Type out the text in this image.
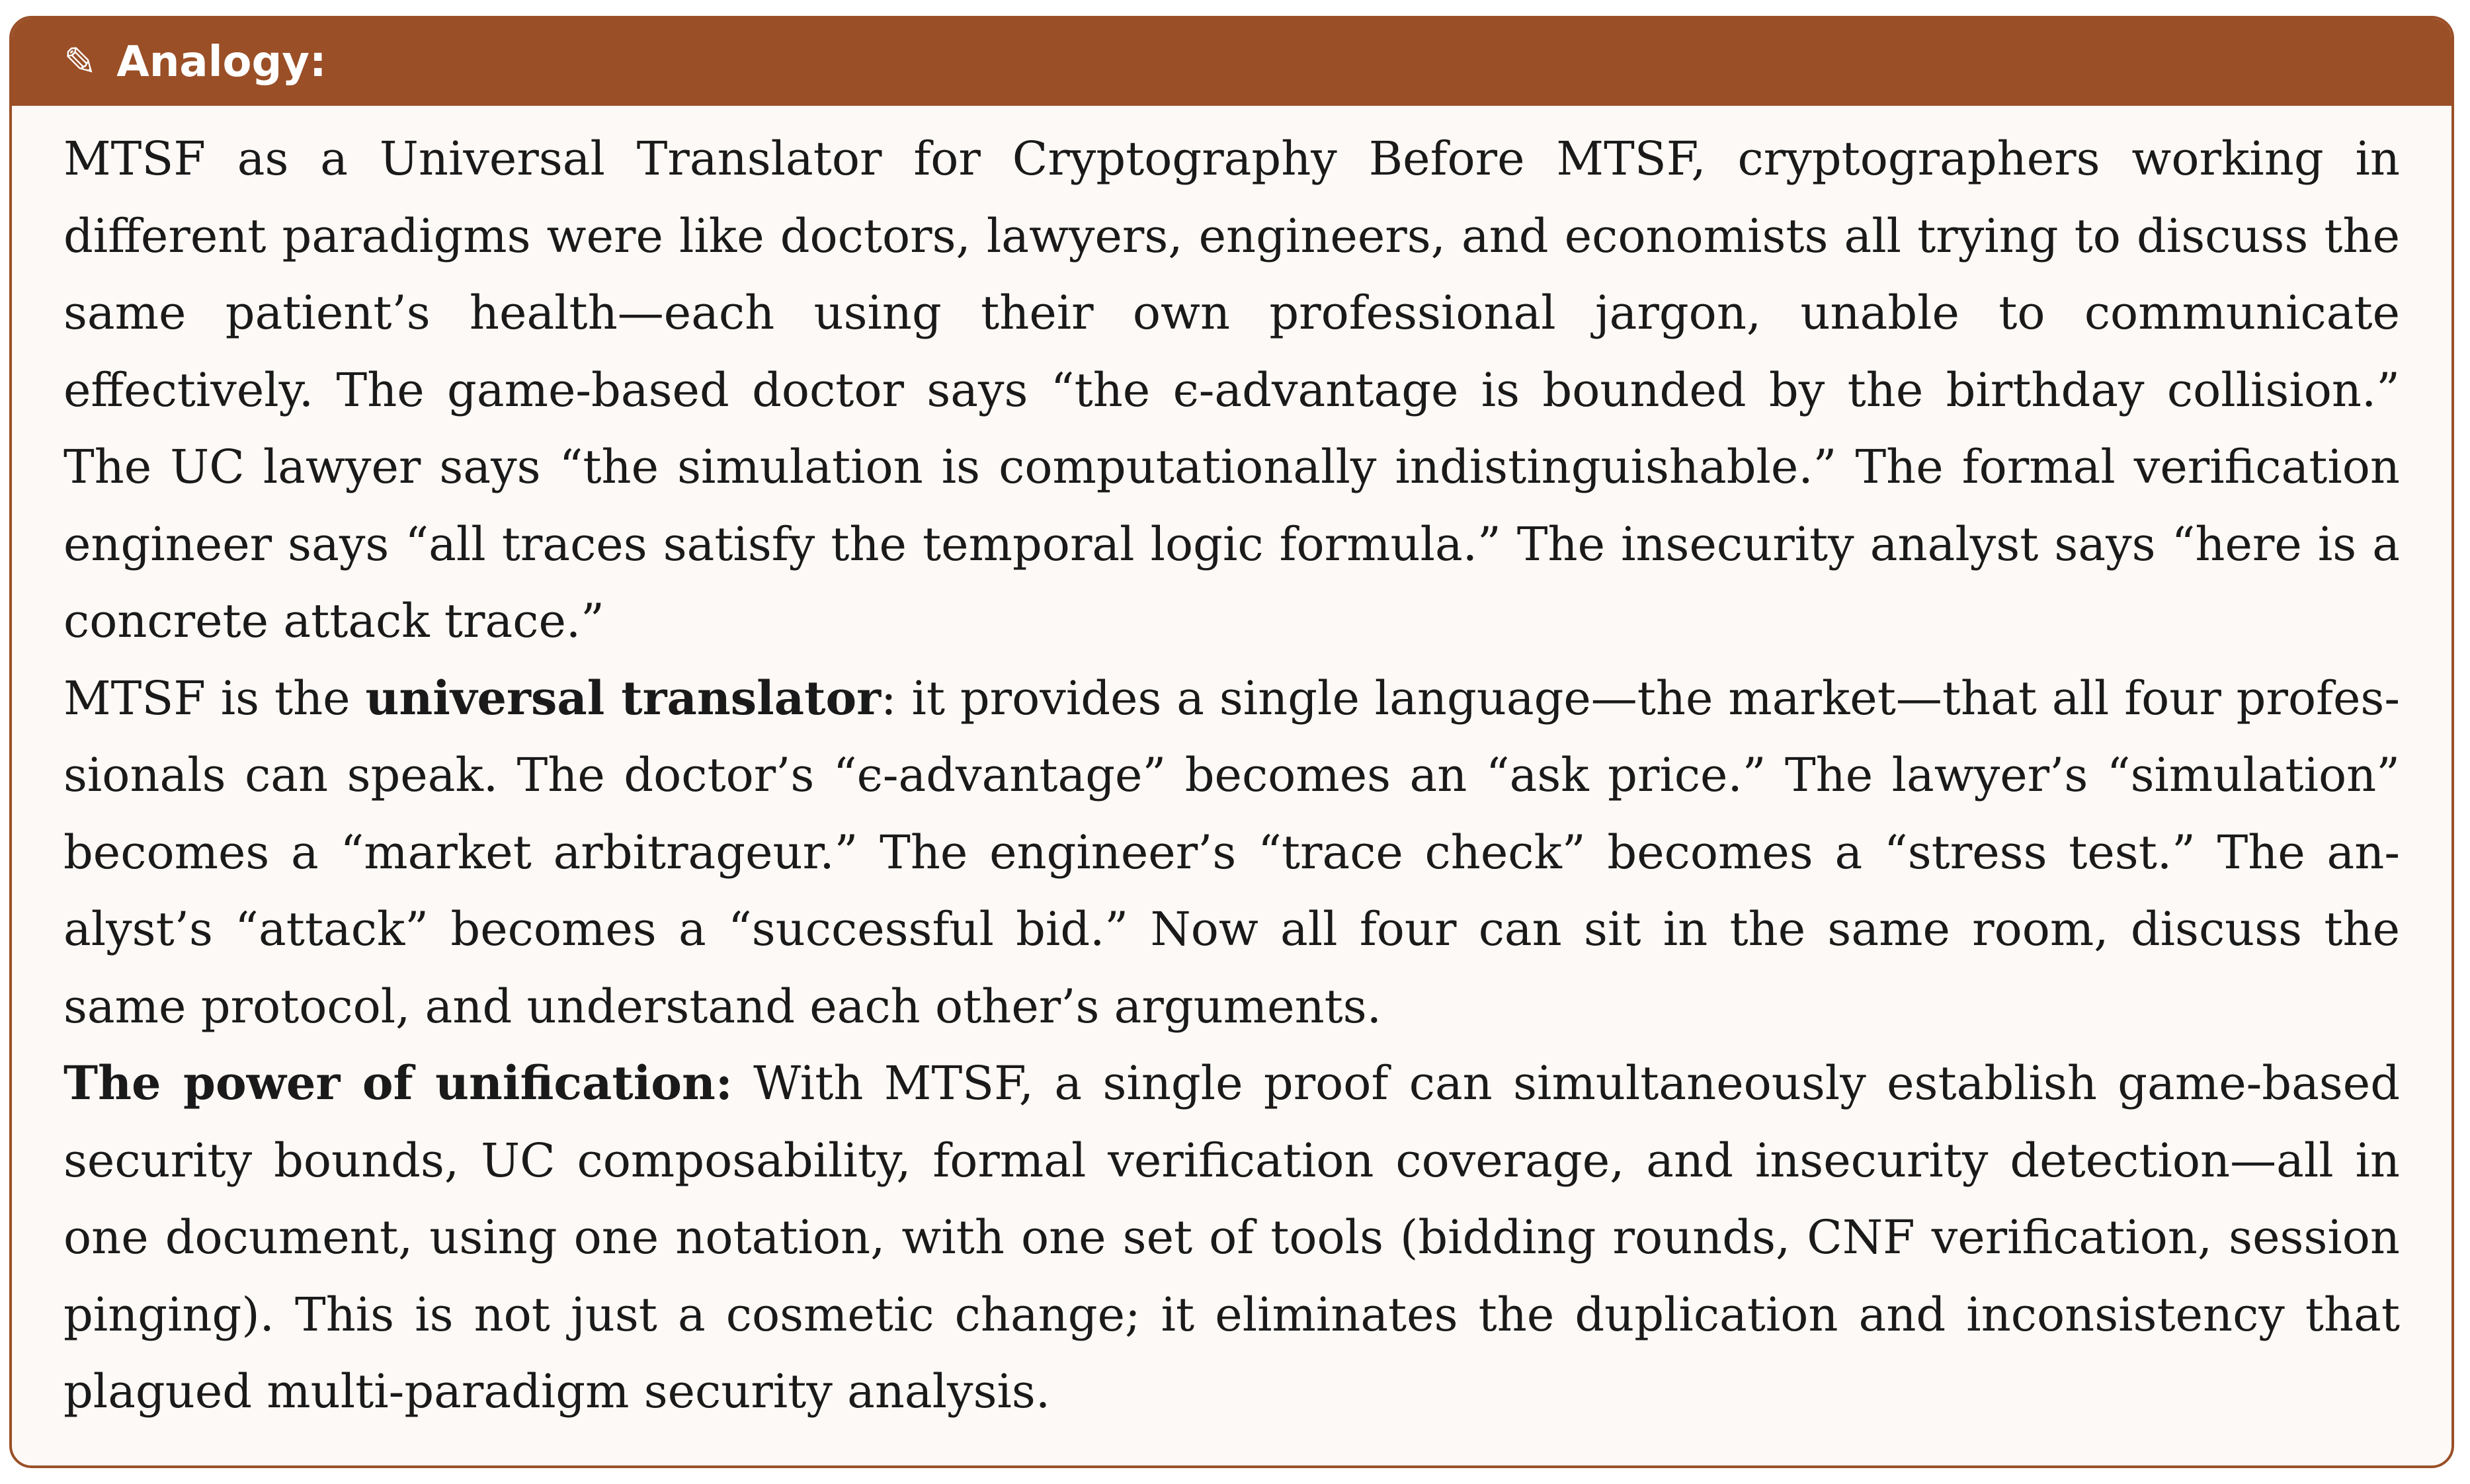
✎ Analogy:

MTSF as a Universal Translator for Cryptography Before MTSF, cryptographers working in different paradigms were like doctors, lawyers, engineers, and economists all trying to discuss the same patient’s health—each using their own professional jargon, unable to communicate effectively. The game-based doctor says “the ϵ-advantage is bounded by the birthday collision.” The UC lawyer says “the simulation is computationally indistinguishable.” The formal verification engineer says “all traces satisfy the temporal logic formula.” The insecurity analyst says “here is a concrete attack trace.”

MTSF is the universal translator: it provides a single language—the market—that all four professionals can speak. The doctor’s “ϵ-advantage” becomes an “ask price.” The lawyer’s “simulation” becomes a “market arbitrageur.” The engineer’s “trace check” becomes a “stress test.” The analyst’s “attack” becomes a “successful bid.” Now all four can sit in the same room, discuss the same protocol, and understand each other’s arguments.

The power of unification: With MTSF, a single proof can simultaneously establish game-based security bounds, UC composability, formal verification coverage, and insecurity detection—all in one document, using one notation, with one set of tools (bidding rounds, CNF verification, session pinging). This is not just a cosmetic change; it eliminates the duplication and inconsistency that plagued multi-paradigm security analysis.
